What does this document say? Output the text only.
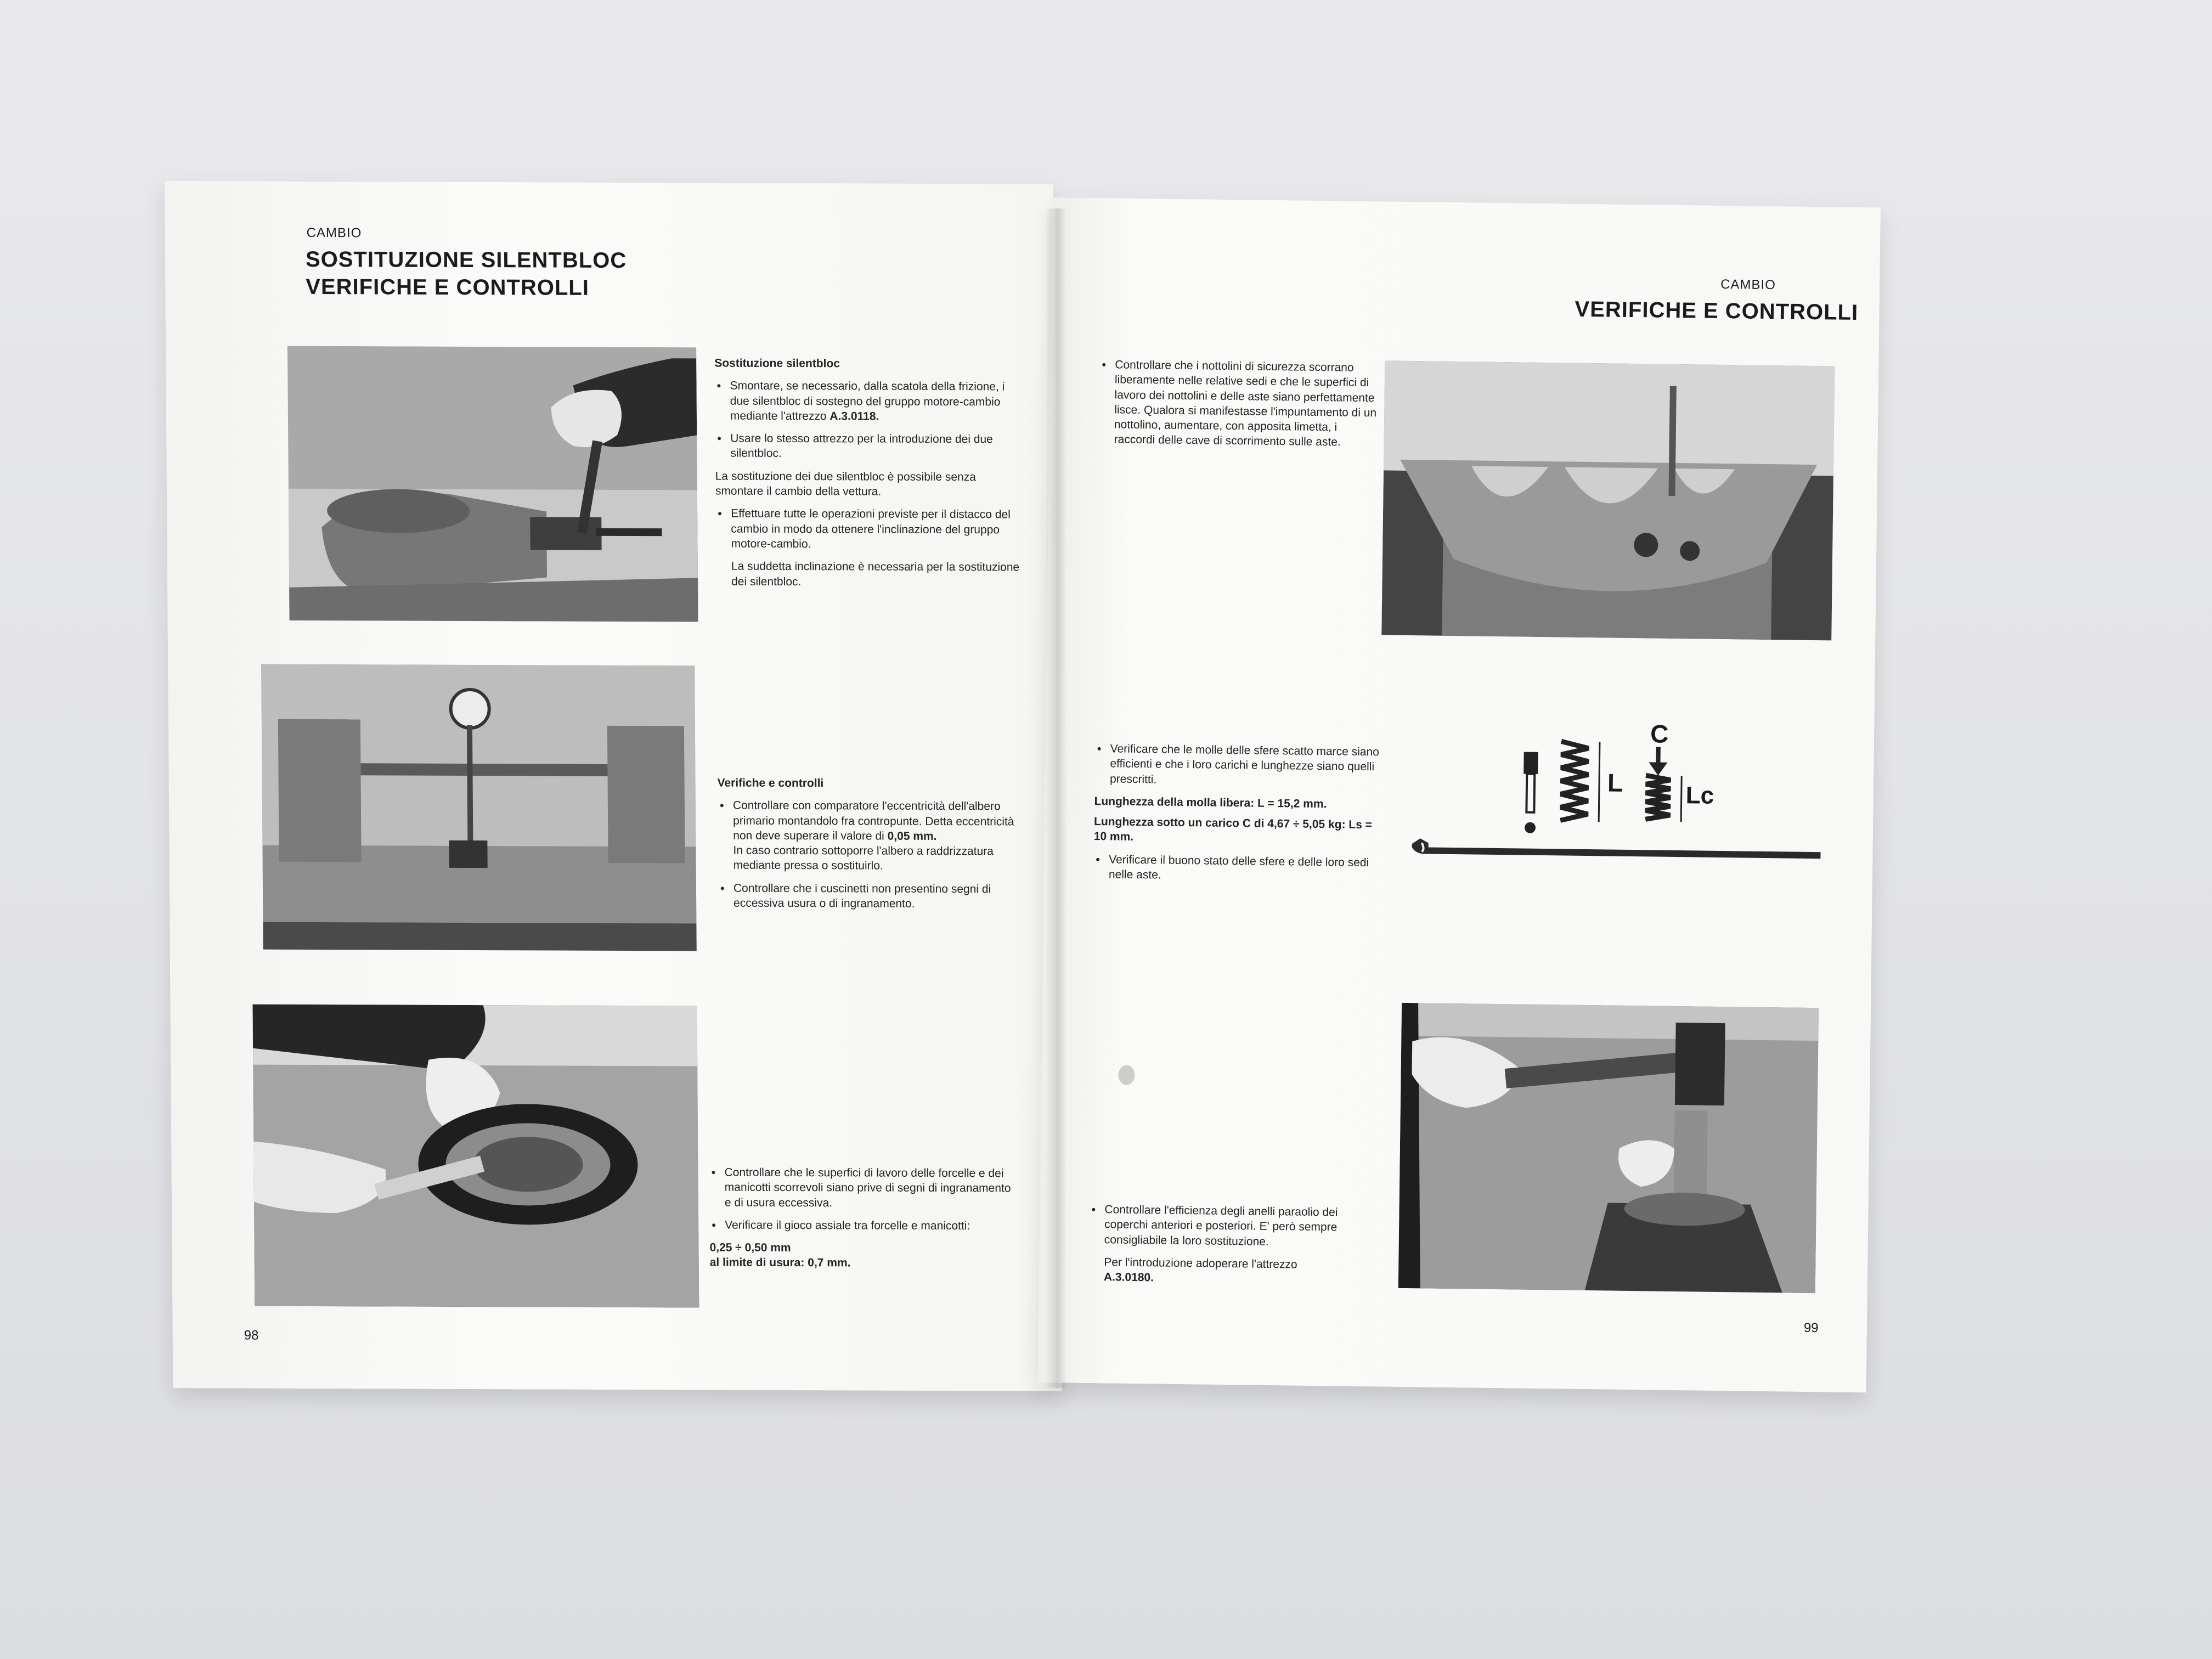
CAMBIO
SOSTITUZIONE SILENTBLOC
VERIFICHE E CONTROLLI
Sostituzione silentbloc
• Smontare, se necessario, dalla scatola della frizione, i due silentbloc di sostegno del gruppo motore-cambio mediante l'attrezzo A.3.0118.
• Usare lo stesso attrezzo per la introduzione dei due silentbloc.
La sostituzione dei due silentbloc è possibile senza smontare il cambio della vettura.
• Effettuare tutte le operazioni previste per il distacco del cambio in modo da ottenere l'inclinazione del gruppo motore-cambio.
La suddetta inclinazione è necessaria per la sostituzione dei silentbloc.
Verifiche e controlli
• Controllare con comparatore l'eccentricità dell'albero primario montandolo fra contropunte. Detta eccentricità non deve superare il valore di 0,05 mm.
In caso contrario sottoporre l'albero a raddrizzatura mediante pressa o sostituirlo.
• Controllare che i cuscinetti non presentino segni di eccessiva usura o di ingranamento.
• Controllare che le superfici di lavoro delle forcelle e dei manicotti scorrevoli siano prive di segni di ingranamento e di usura eccessiva.
• Verificare il gioco assiale tra forcelle e manicotti:
0,25 ÷ 0,50 mm
al limite di usura: 0,7 mm.
98
CAMBIO
VERIFICHE E CONTROLLI
• Controllare che i nottolini di sicurezza scorrano liberamente nelle relative sedi e che le superfici di lavoro dei nottolini e delle aste siano perfettamente lisce. Qualora si manifestasse l'impuntamento di un nottolino, aumentare, con apposita limetta, i raccordi delle cave di scorrimento sulle aste.
• Verificare che le molle delle sfere scatto marce siano efficienti e che i loro carichi e lunghezze siano quelli prescritti.
Lunghezza della molla libera: L = 15,2 mm.
Lunghezza sotto un carico C di 4,67 ÷ 5,05 kg: Ls = 10 mm.
• Verificare il buono stato delle sfere e delle loro sedi nelle aste.
L
C
Lc
• Controllare l'efficienza degli anelli paraolio dei coperchi anteriori e posteriori. E' però sempre consigliabile la loro sostituzione.
Per l'introduzione adoperare l'attrezzo
A.3.0180.
99
